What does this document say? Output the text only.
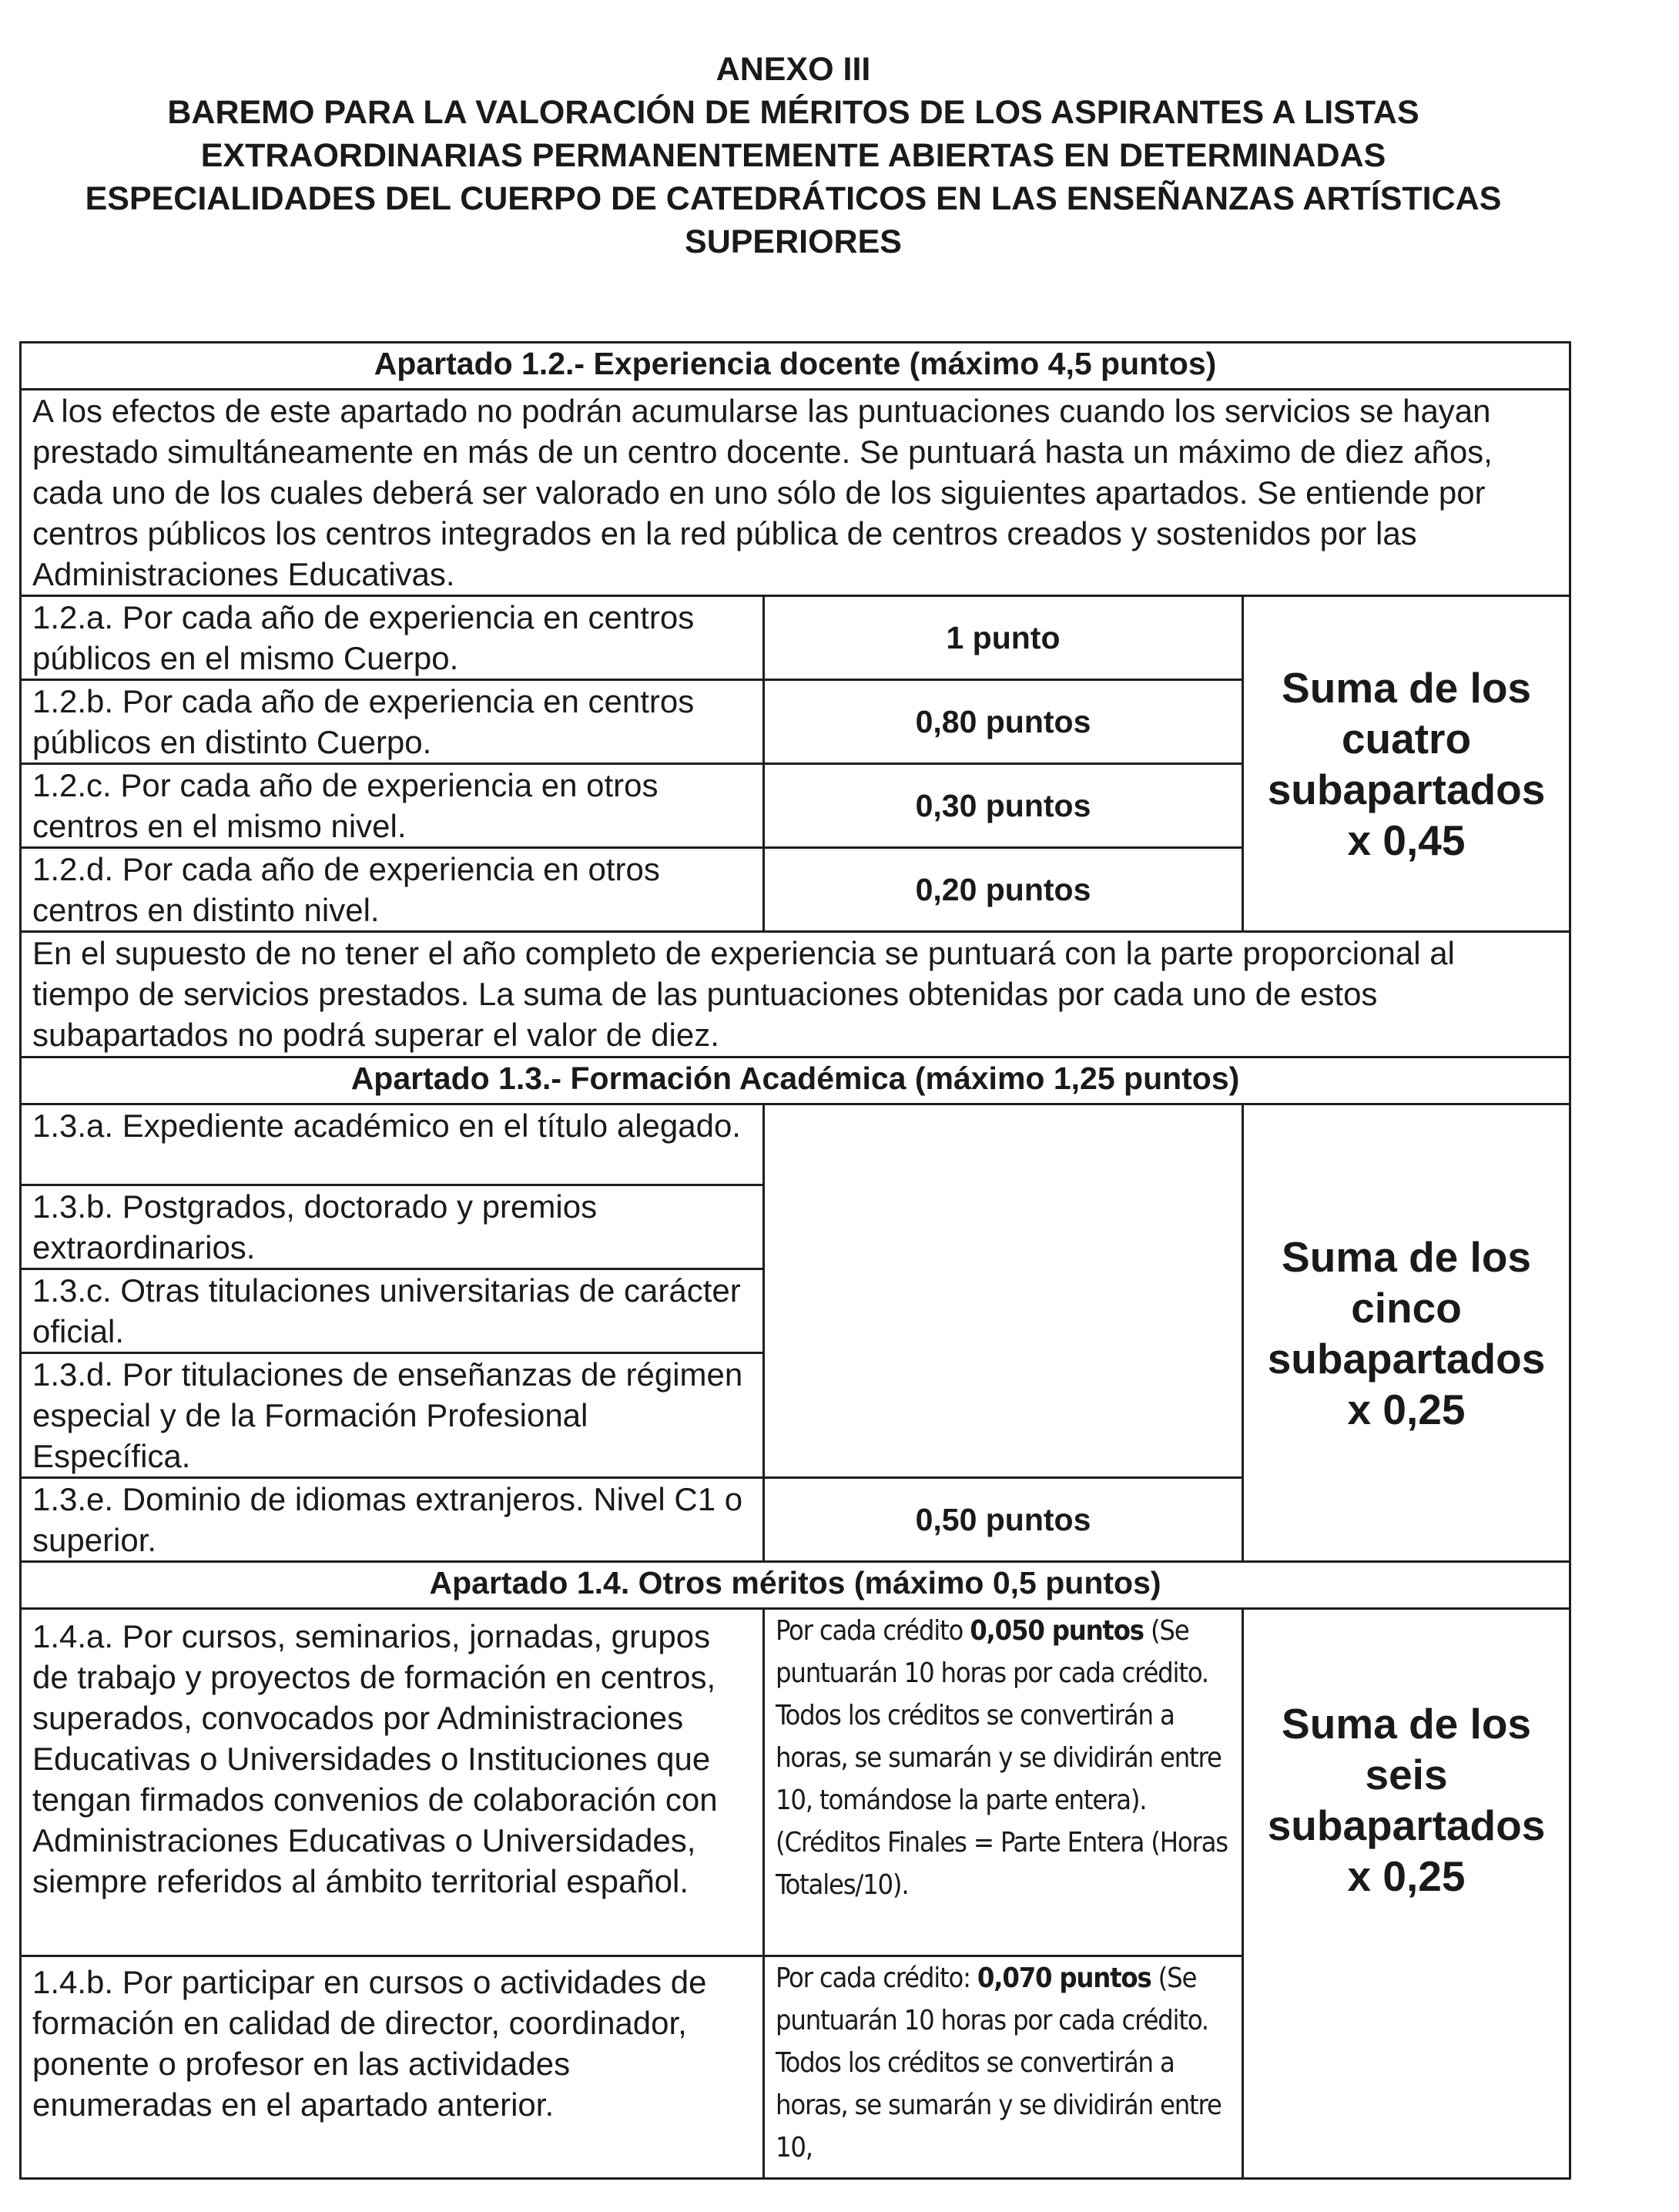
ANEXO III
BAREMO PARA LA VALORACIÓN DE MÉRITOS DE LOS ASPIRANTES A LISTAS
EXTRAORDINARIAS PERMANENTEMENTE ABIERTAS EN DETERMINADAS
ESPECIALIDADES DEL CUERPO DE CATEDRÁTICOS EN LAS ENSEÑANZAS ARTÍSTICAS
SUPERIORES
Apartado 1.2.- Experiencia docente (máximo 4,5 puntos)		
A los efectos de este apartado no podrán acumularse las puntuaciones cuando los servicios se hayan prestado simultáneamente en más de un centro docente. Se puntuará hasta un máximo de diez años, cada uno de los cuales deberá ser valorado en uno sólo de los siguientes apartados. Se entiende por centros públicos los centros integrados en la red pública de centros creados y sostenidos por las Administraciones Educativas.		
1.2.a. Por cada año de experiencia en centros públicos en el mismo Cuerpo.	1 punto	Suma de los
cuatro
subapartados
x 0,45

1.2.b. Por cada año de experiencia en centros públicos en distinto Cuerpo.	0,80 puntos	
1.2.c. Por cada año de experiencia en otros centros en el mismo nivel.	0,30 puntos	
1.2.d. Por cada año de experiencia en otros centros en distinto nivel.	0,20 puntos	
En el supuesto de no tener el año completo de experiencia se puntuará con la parte proporcional al tiempo de servicios prestados. La suma de las puntuaciones obtenidas por cada uno de estos subapartados no podrá superar el valor de diez.		
Apartado 1.3.- Formación Académica (máximo 1,25 puntos)		
1.3.a. Expediente académico en el título alegado.		Suma de los
cinco
subapartados
x 0,25

1.3.b. Postgrados, doctorado y premios extraordinarios.		
1.3.c. Otras titulaciones universitarias de carácter oficial.		
1.3.d. Por titulaciones de enseñanzas de régimen especial y de la Formación Profesional Específica.		
1.3.e. Dominio de idiomas extranjeros. Nivel C1 o superior.	0,50 puntos	
Apartado 1.4. Otros méritos (máximo 0,5 puntos)		
1.4.a. Por cursos, seminarios, jornadas, grupos de trabajo y proyectos de formación en centros, superados, convocados por Administraciones Educativas o Universidades o Instituciones que tengan firmados convenios de colaboración con Administraciones Educativas o Universidades, siempre referidos al ámbito territorial español.	Por cada crédito 0,050 puntos (Se puntuarán 10 horas por cada crédito. Todos los créditos se convertirán a horas, se sumarán y se dividirán entre 10, tomándose la parte entera). (Créditos Finales = Parte Entera (Horas Totales/10).	
Suma de los
seis
subapartados
x 0,25

1.4.b. Por participar en cursos o actividades de formación en calidad de director, coordinador, ponente o profesor en las actividades enumeradas en el apartado anterior.	Por cada crédito: 0,070 puntos (Se puntuarán 10 horas por cada crédito. Todos los créditos se convertirán a horas, se sumarán y se dividirán entre 10,	
